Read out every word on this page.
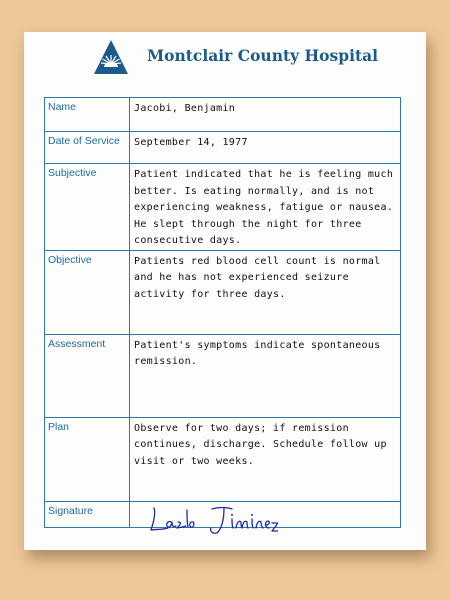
Montclair County Hospital
Name	Jacobi, Benjamin
Date of Service	September 14, 1977
Subjective	Patient indicated that he is feeling much better. Is eating normally, and is not experiencing weakness, fatigue or nausea. He slept through the night for three consecutive days.
Objective	Patients red blood cell count is normal and he has not experienced seizure activity for three days.
Assessment	Patient's symptoms indicate spontaneous remission.
Plan	Observe for two days; if remission continues, discharge. Schedule follow up visit or two weeks.
Signature	
